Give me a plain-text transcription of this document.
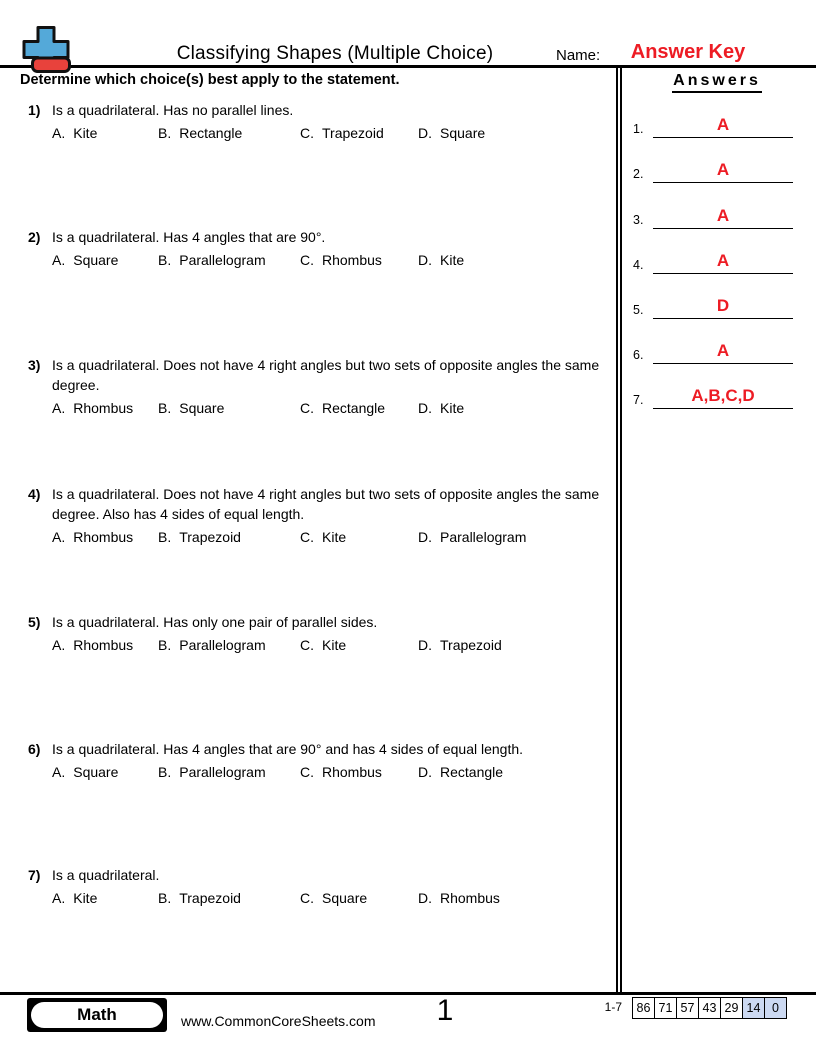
Classifying Shapes (Multiple Choice)	Name:	Answer Key
Determine which choice(s) best apply to the statement.
1) Is a quadrilateral. Has no parallel lines.
A. Kite	B. Rectangle	C. Trapezoid D. Square
2) Is a quadrilateral. Has 4 angles that are 90°.
A. Square	B. Parallelogram C. Rhombus	D. Kite
3) Is a quadrilateral. Does not have 4 right angles but two sets of opposite angles the same degree.
A. Rhombus B. Square	C. Rectangle D. Kite
4) Is a quadrilateral. Does not have 4 right angles but two sets of opposite angles the same degree. Also has 4 sides of equal length.
A. Rhombus B. Trapezoid	C. Kite	D. Parallelogram
5) Is a quadrilateral. Has only one pair of parallel sides.
A. Rhombus B. Parallelogram C. Kite	D. Trapezoid
6) Is a quadrilateral. Has 4 angles that are 90° and has 4 sides of equal length.
A. Square	B. Parallelogram C. Rhombus	D. Rectangle
7) Is a quadrilateral.
A. Kite	B. Trapezoid	C. Square	D. Rhombus
Answers
1.	A
2.	A
3.	A
4.	A
5.	D
6.	A
7.	A,B,C,D
Math	www.CommonCoreSheets.com	1	1-7 86 71 57 43 29 14 0
